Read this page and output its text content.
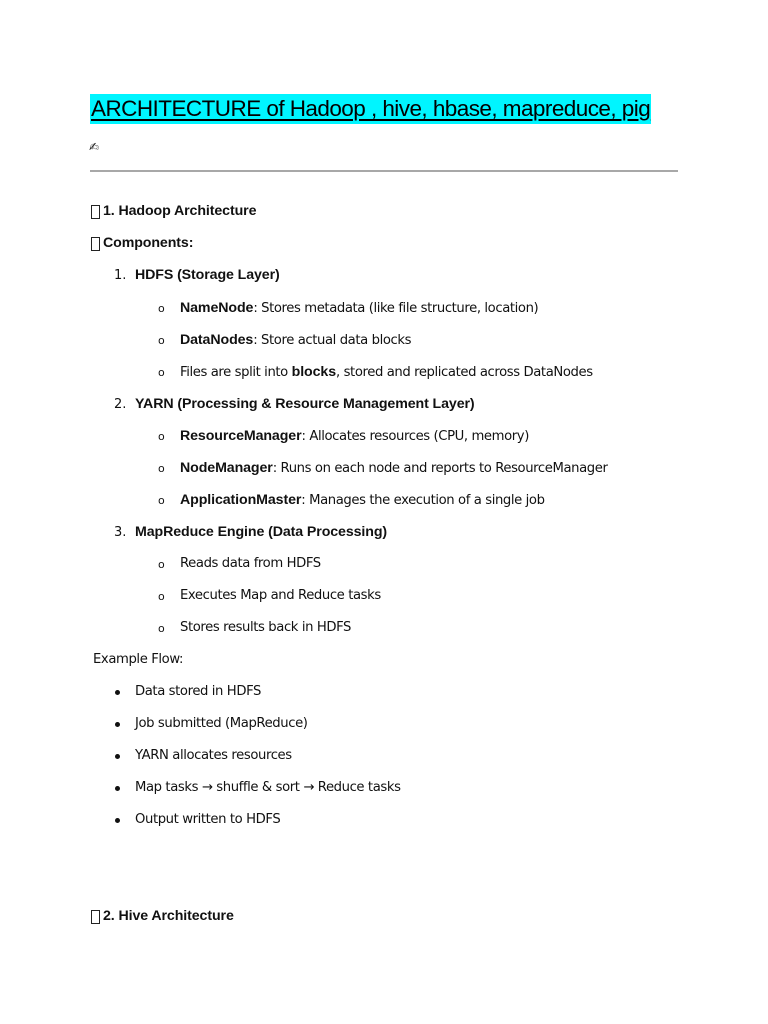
ARCHITECTURE of Hadoop , hive, hbase, mapreduce, pig
✍
1. Hadoop Architecture
Components:
1. HDFS (Storage Layer)
o NameNode: Stores metadata (like file structure, location)
o DataNodes: Store actual data blocks
o Files are split into blocks, stored and replicated across DataNodes
2. YARN (Processing & Resource Management Layer)
o ResourceManager: Allocates resources (CPU, memory)
o NodeManager: Runs on each node and reports to ResourceManager
o ApplicationMaster: Manages the execution of a single job
3. MapReduce Engine (Data Processing)
o Reads data from HDFS
o Executes Map and Reduce tasks
o Stores results back in HDFS
Example Flow:
Data stored in HDFS
Job submitted (MapReduce)
YARN allocates resources
Map tasks → shuffle & sort → Reduce tasks
Output written to HDFS
2. Hive Architecture
